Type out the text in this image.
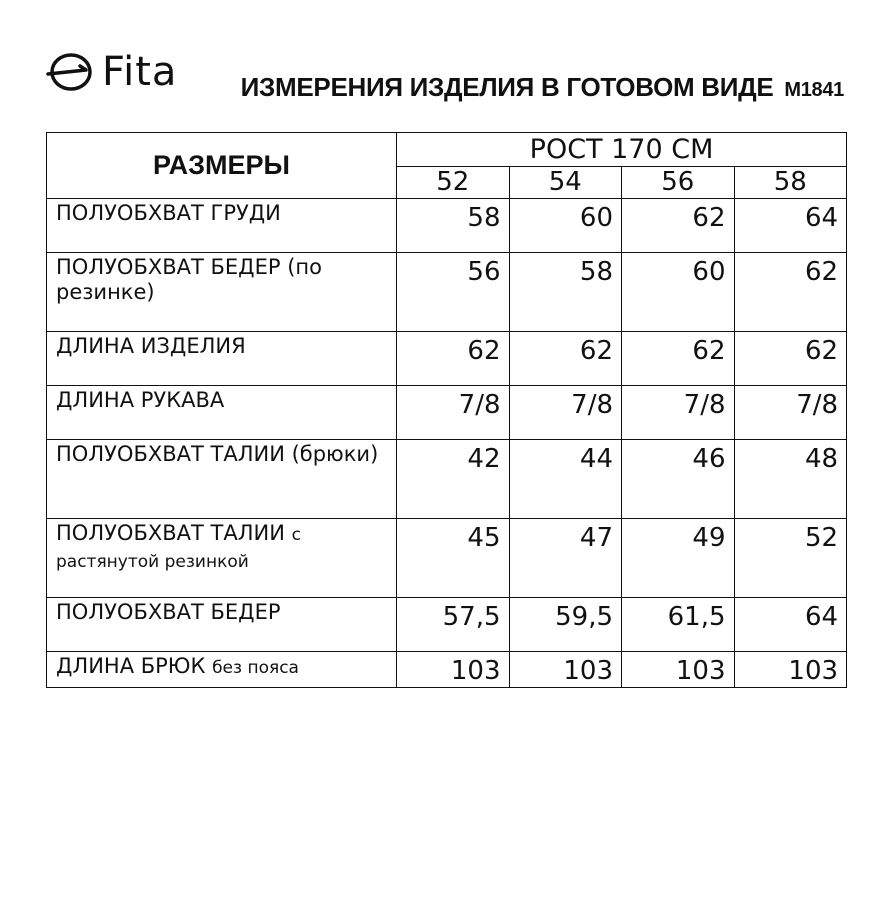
Fita ИЗМЕРЕНИЯ ИЗДЕЛИЯ В ГОТОВОМ ВИДЕ М1841
РАЗМЕРЫ	РОСТ 170 СМ			
	52	54	56	58
ПОЛУОБХВАТ ГРУДИ	58	60	62	64
ПОЛУОБХВАТ БЕДЕР (по резинке)	56	58	60	62
ДЛИНА ИЗДЕЛИЯ	62	62	62	62
ДЛИНА РУКАВА	7/8	7/8	7/8	7/8
ПОЛУОБХВАТ ТАЛИИ (брюки)	42	44	46	48
ПОЛУОБХВАТ ТАЛИИ с растянутой резинкой	45	47	49	52
ПОЛУОБХВАТ БЕДЕР	57,5	59,5	61,5	64
ДЛИНА БРЮК без пояса	103	103	103	103
